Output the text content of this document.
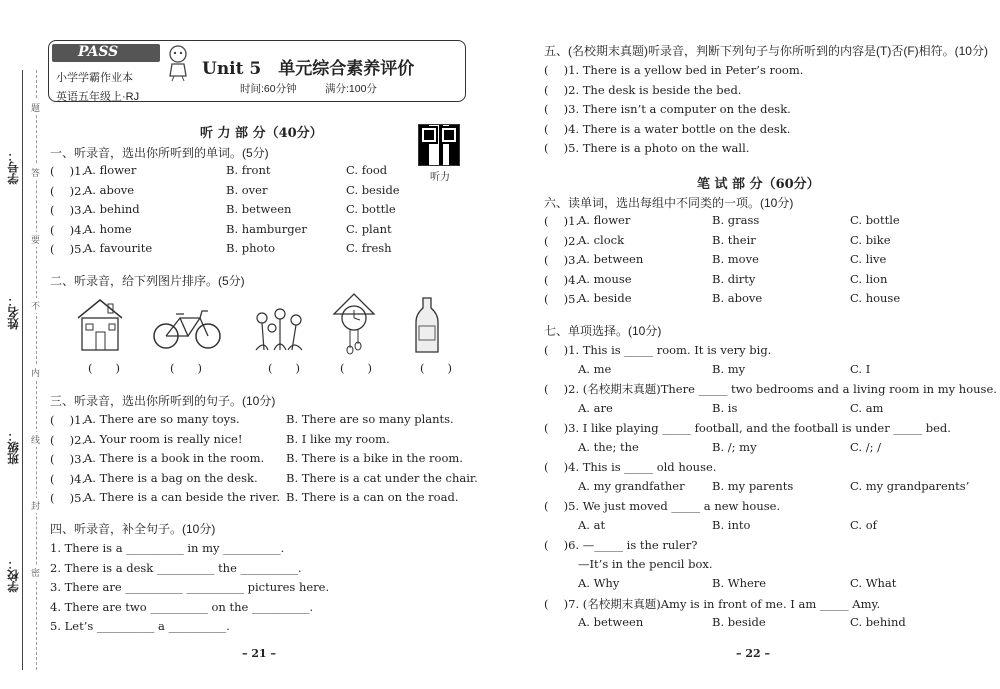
题
答
要
不
内
线
封
密
学号：
姓名：
班级：
学校：
PASS
小学学霸作业本
英语五年级上·RJ
Unit 5　单元综合素养评价
时间:60分钟	满分:100分
听 力 部 分（40分）
听力
一、听录音，选出你所听到的单词。(5分)
( 　)1.
A. flower	B. front	C. food
( 　)2.
A. above	B. over	C. beside
( 　)3.
A. behind	B. between	C. bottle
( 　)4.
A. home	B. hamburger	C. plant
( 　)5.
A. favourite	B. photo	C. fresh
二、听录音，给下列图片排序。(5分)
(　　)	(　　)	(　　)	(　　)	(　　)
三、听录音，选出你所听到的句子。(10分)
( 　)1.
A. There are so many toys.	B. There are so many plants.
( 　)2.
A. Your room is really nice!	B. I like my room.
( 　)3.
A. There is a book in the room. B. There is a bike in the room.
( 　)4.
A. There is a bag on the desk. B. There is a cat under the chair.
( 　)5.
A. There is a can beside the river. B. There is a can on the road.
四、听录音，补全句子。(10分)
1. There is a __________ in my __________.
2. There is a desk __________ the __________.
3. There are __________ __________ pictures here.
4. There are two __________ on the __________.
5. Let’s __________ a __________.
– 21 –
五、(名校期末真题)听录音，判断下列句子与你所听到的内容是(T)否(F)相符。(10分)
( 　)1. There is a yellow bed in Peter’s room.
( 　)2. The desk is beside the bed.
( 　)3. There isn’t a computer on the desk.
( 　)4. There is a water bottle on the desk.
( 　)5. There is a photo on the wall.
笔 试 部 分（60分）
六、读单词，选出每组中不同类的一项。(10分)
( 　)1.
A. flower	B. grass	C. bottle
( 　)2.
A. clock	B. their	C. bike
( 　)3.
A. between	B. move	C. live
( 　)4.
A. mouse	B. dirty	C. lion
( 　)5.
A. beside	B. above	C. house
七、单项选择。(10分)
( 　)1. This is _____ room. It is very big.
A. me	B. my	C. I
( 　)2. (名校期末真题)There _____ two bedrooms and a living room in my house.
A. are	B. is	C. am
( 　)3. I like playing _____ football, and the football is under _____ bed.
A. the; the	B. /; my	C. /; /
( 　)4. This is _____ old house.
A. my grandfather B. my parents	C. my grandparents’
( 　)5. We just moved _____ a new house.
A. at	B. into	C. of
( 　)6. —_____ is the ruler?
—It’s in the pencil box.
A. Why	B. Where	C. What
( 　)7. (名校期末真题)Amy is in front of me. I am _____ Amy.
A. between	B. beside	C. behind
– 22 –
